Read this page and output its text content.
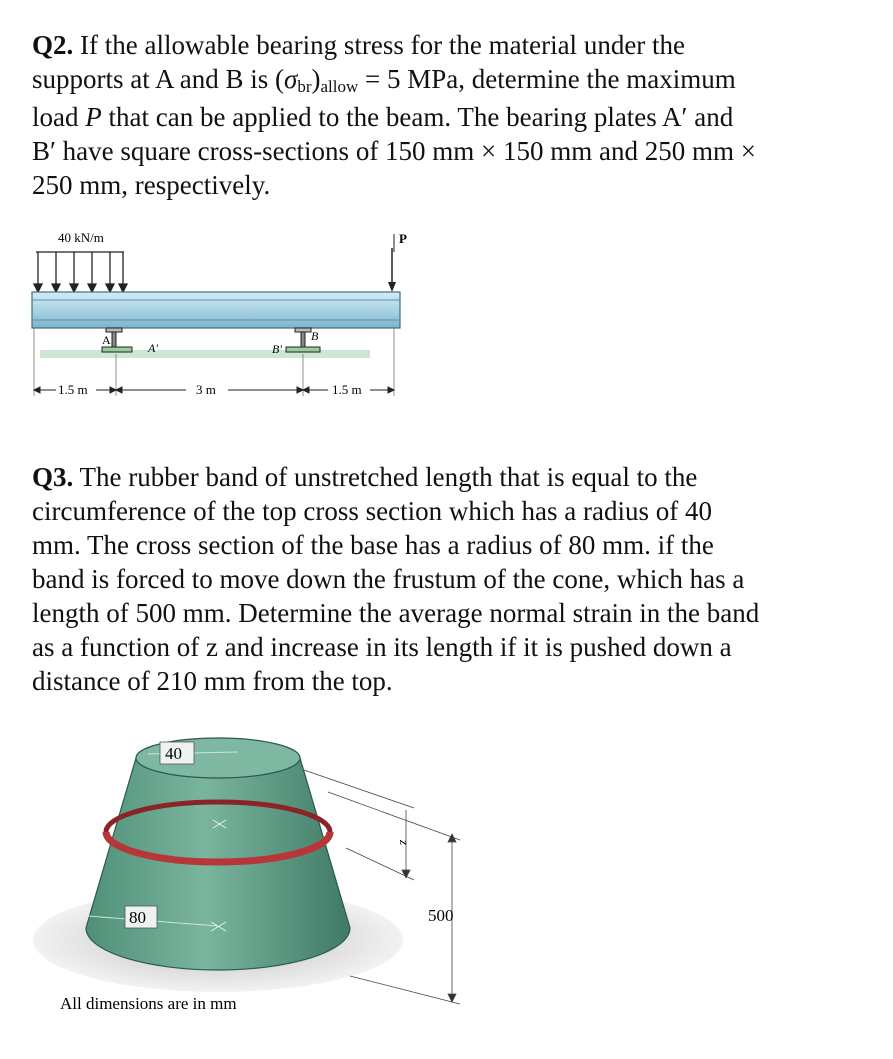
Q2. If the allowable bearing stress for the material under the
supports at A and B is (σbr)allow = 5 MPa, determine the maximum
load P that can be applied to the beam. The bearing plates A′ and
B′ have square cross-sections of 150 mm × 150 mm and 250 mm ×
250 mm, respectively.
40 kN/m	P
A
A′
B
B′
1.5 m	3 m	1.5 m
Q3. The rubber band of unstretched length that is equal to the
circumference of the top cross section which has a radius of 40
mm. The cross section of the base has a radius of 80 mm. if the
band is forced to move down the frustum of the cone, which has a
length of 500 mm. Determine the average normal strain in the band
as a function of z and increase in its length if it is pushed down a
distance of 210 mm from the top.
40
80
z
500
All dimensions are in mm
